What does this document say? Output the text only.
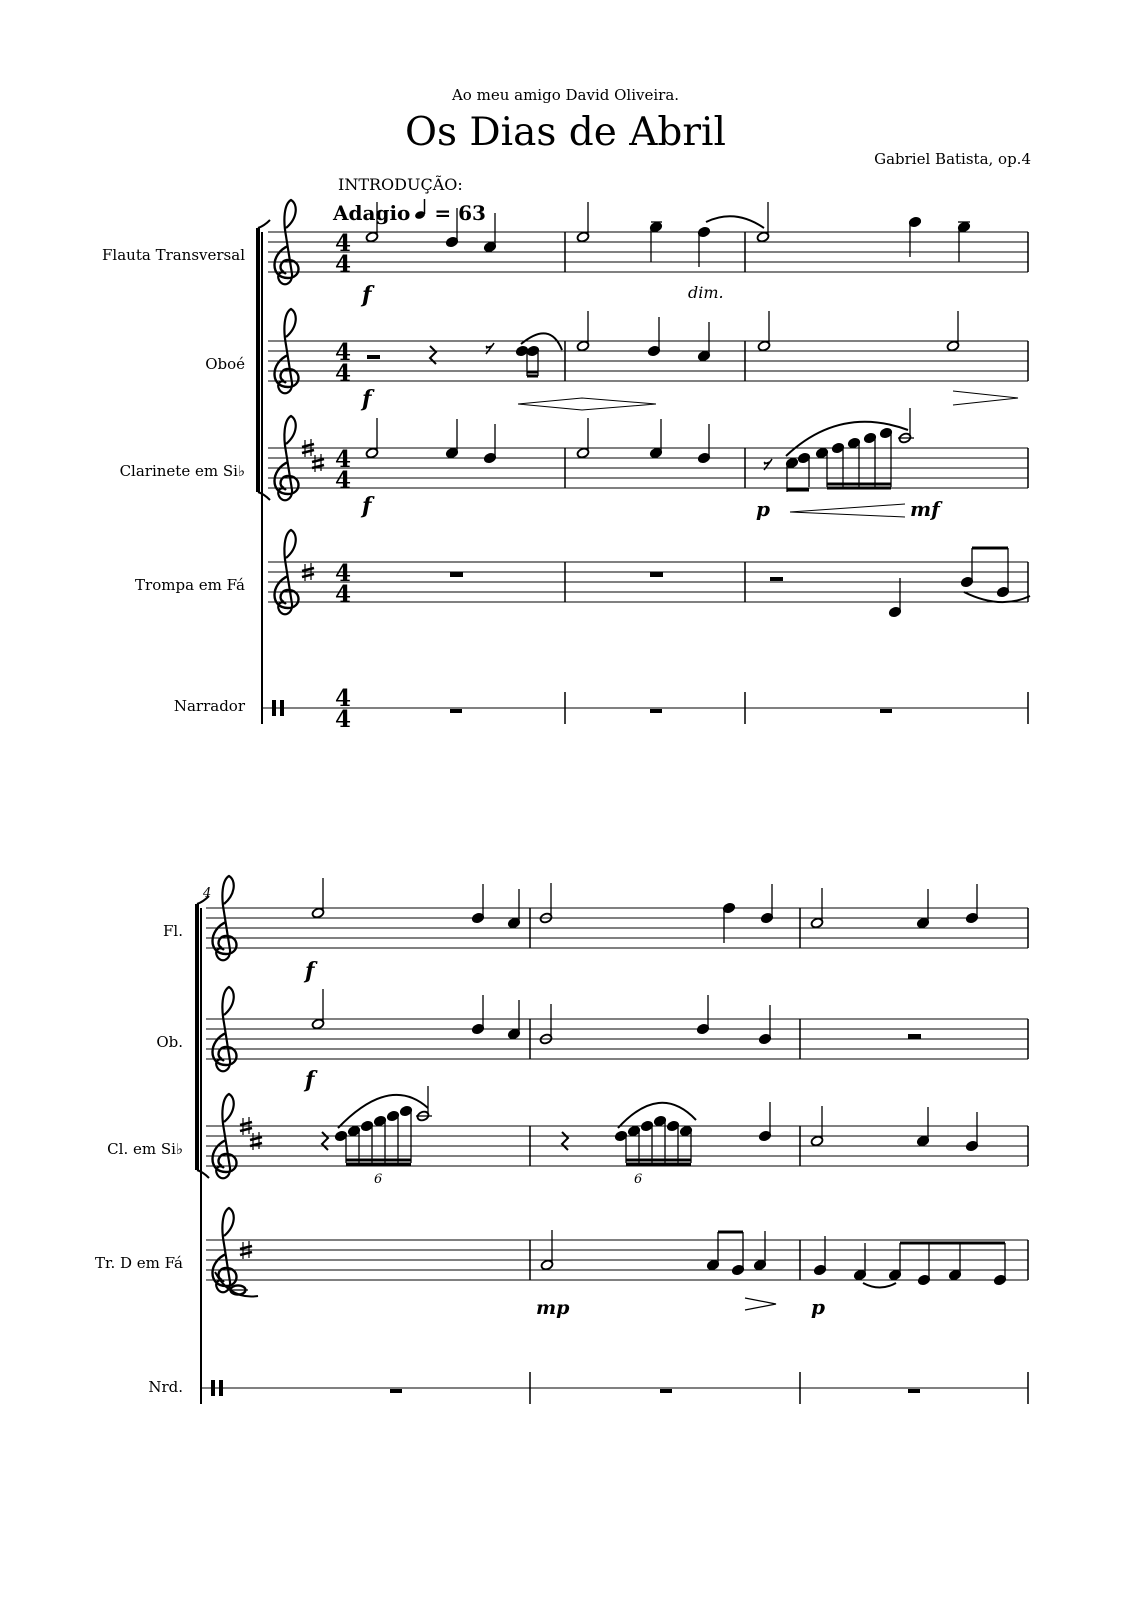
Ao meu amigo David Oliveira.
Os Dias de Abril
Gabriel Batista, op.4
INTRODUÇÃO:
Adagio = 63
Flauta Transversal
Oboé
Clarinete em Si♭
Trompa em Fá
Narrador
Fl.
Ob.
Cl. em Si♭
Tr. D em Fá
Nrd.
4
4
4
4
4
4
4
4
4
4
6	6
f	dim.
f
f	p	mf
f
f
mp	p
4
